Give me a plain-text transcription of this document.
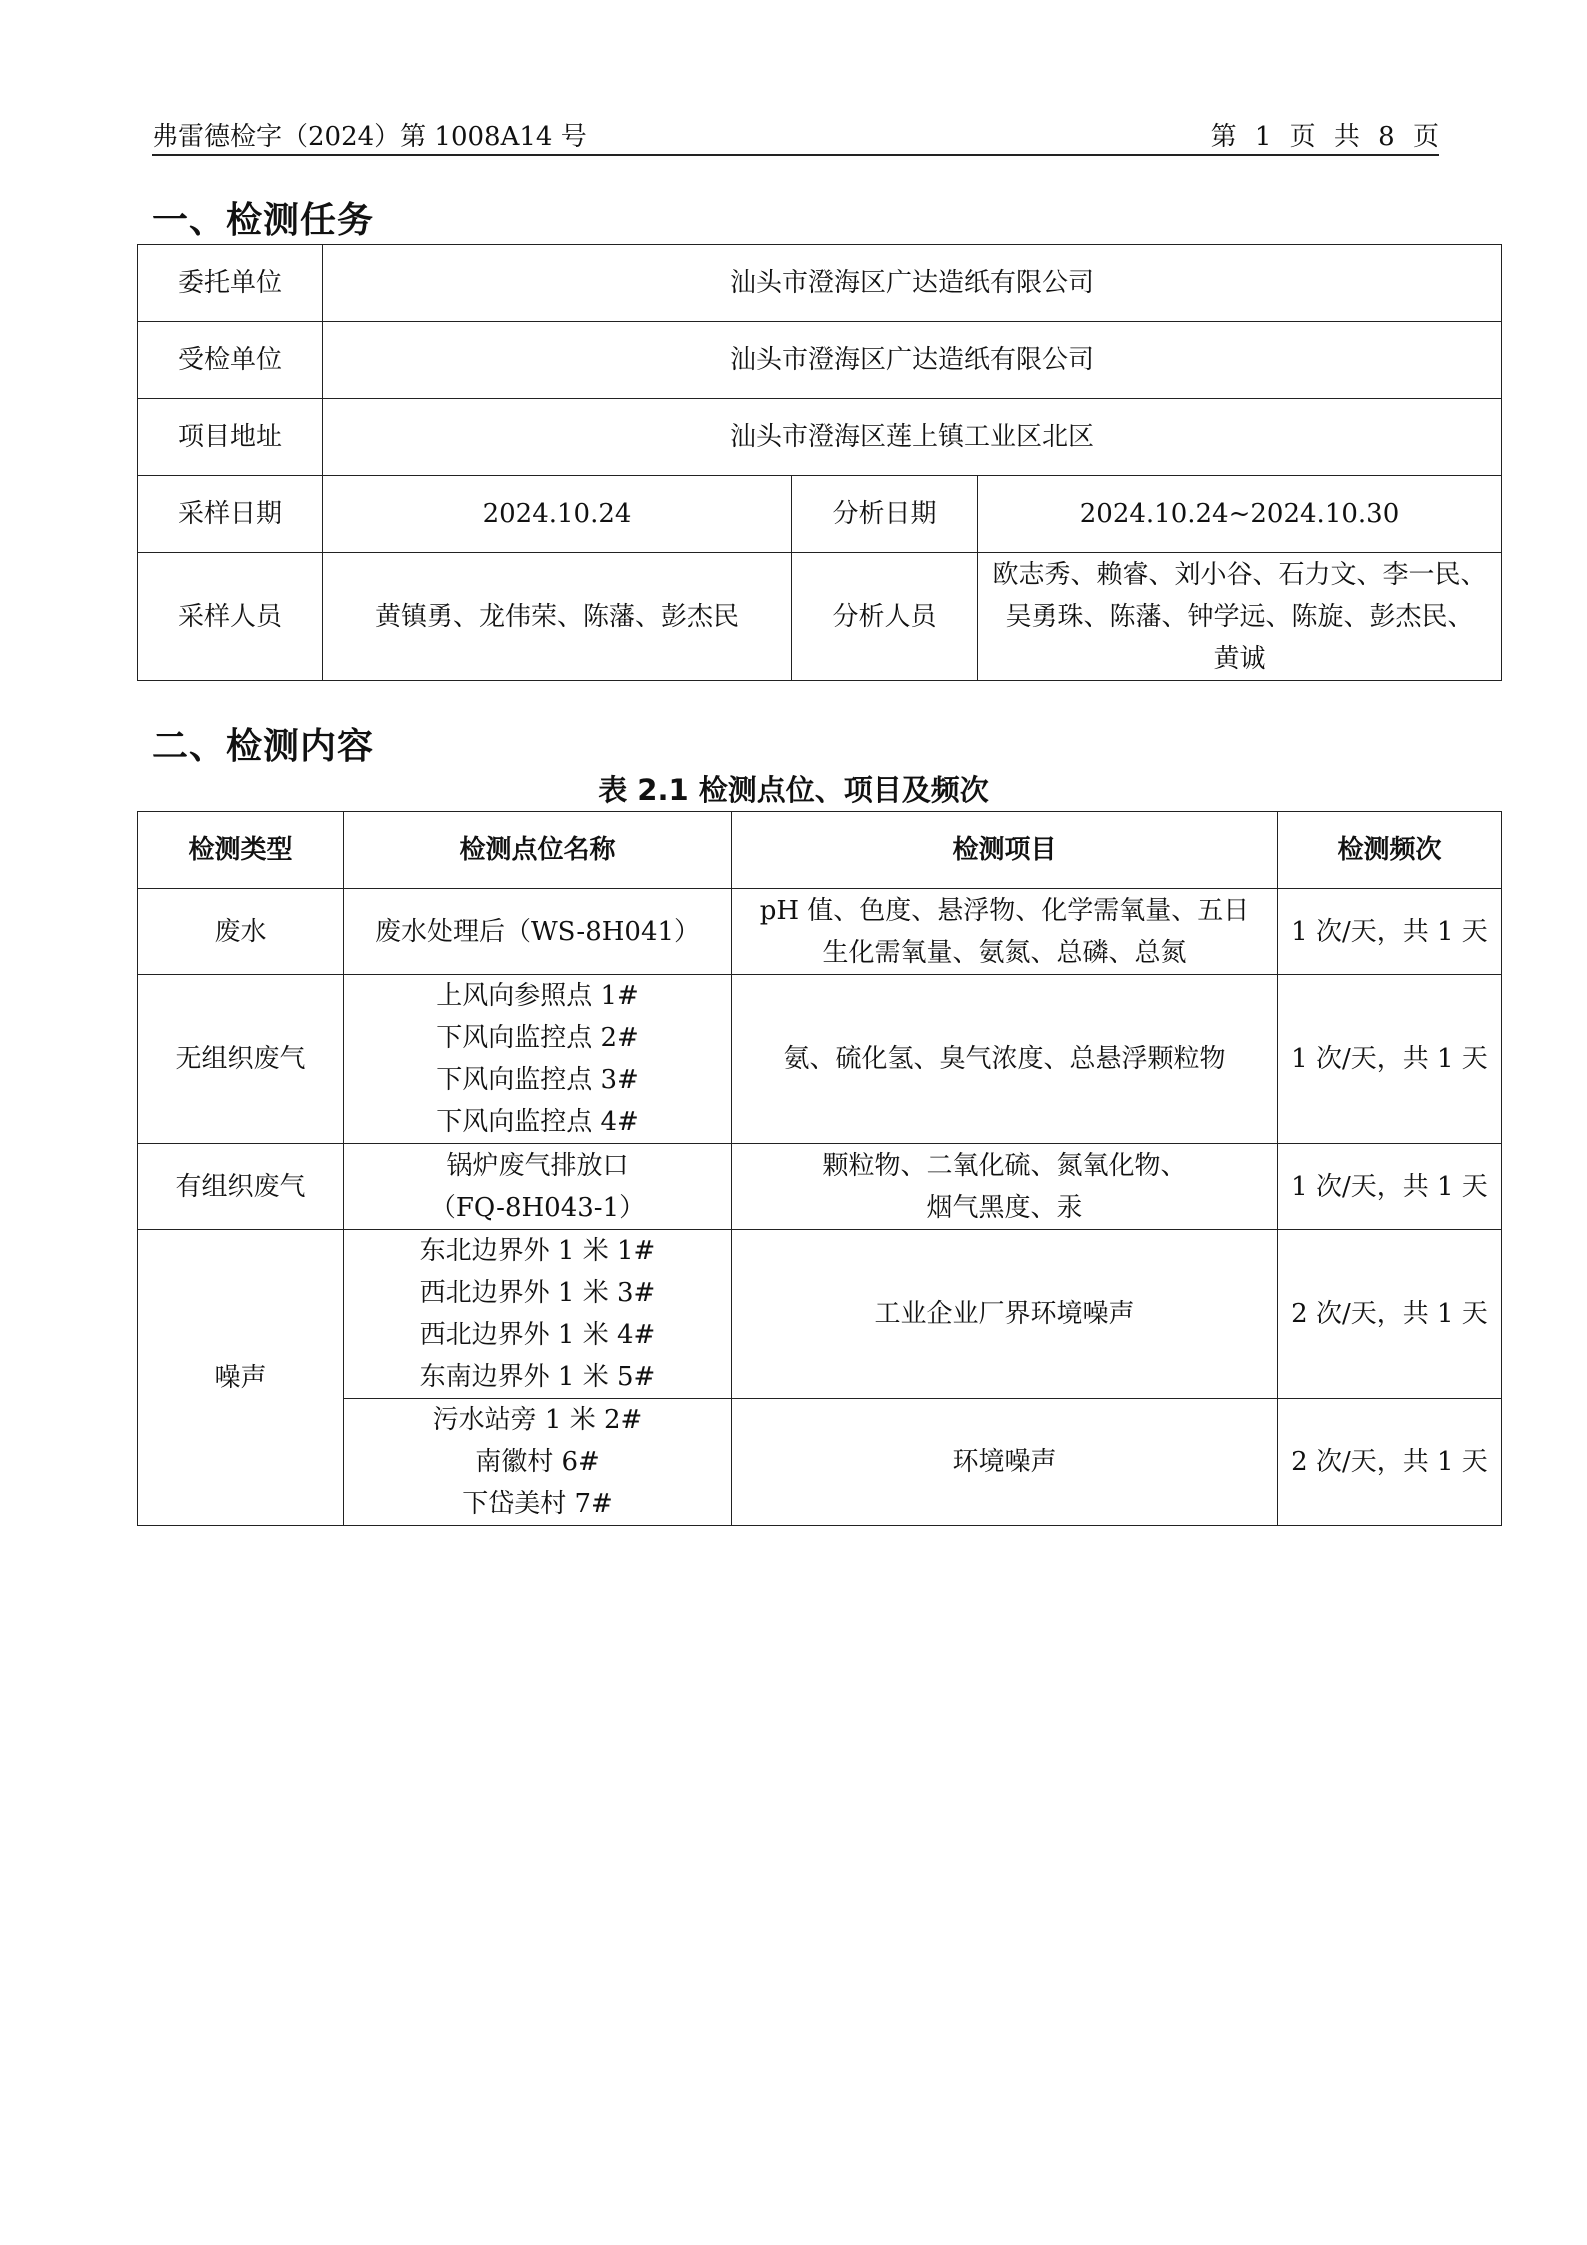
弗雷德检字（2024）第 1008A14 号	第 1 页 共 8 页
一、检测任务
委托单位	汕头市澄海区广达造纸有限公司		
受检单位	汕头市澄海区广达造纸有限公司		
项目地址	汕头市澄海区莲上镇工业区北区		
采样日期	2024.10.24	分析日期	2024.10.24~2024.10.30
采样人员	黄镇勇、龙伟荣、陈藩、彭杰民	分析人员	欧志秀、赖睿、刘小谷、石力文、李一民、
吴勇珠、陈藩、钟学远、陈旋、彭杰民、
黄诚
二、检测内容
表 2.1 检测点位、项目及频次
检测类型	检测点位名称	检测项目	检测频次
废水	废水处理后（WS-8H041）	pH 值、色度、悬浮物、化学需氧量、五日
生化需氧量、氨氮、总磷、总氮	1 次/天，共 1 天
无组织废气	上风向参照点 1#
下风向监控点 2#
下风向监控点 3#
下风向监控点 4#	氨、硫化氢、臭气浓度、总悬浮颗粒物	1 次/天，共 1 天
有组织废气	锅炉废气排放口
（FQ-8H043-1）	颗粒物、二氧化硫、氮氧化物、
烟气黑度、汞	1 次/天，共 1 天
噪声	东北边界外 1 米 1#
西北边界外 1 米 3#
西北边界外 1 米 4#
东南边界外 1 米 5#	工业企业厂界环境噪声	2 次/天，共 1 天

	污水站旁 1 米 2#
南徽村 6#
下岱美村 7#	环境噪声	2 次/天，共 1 天
